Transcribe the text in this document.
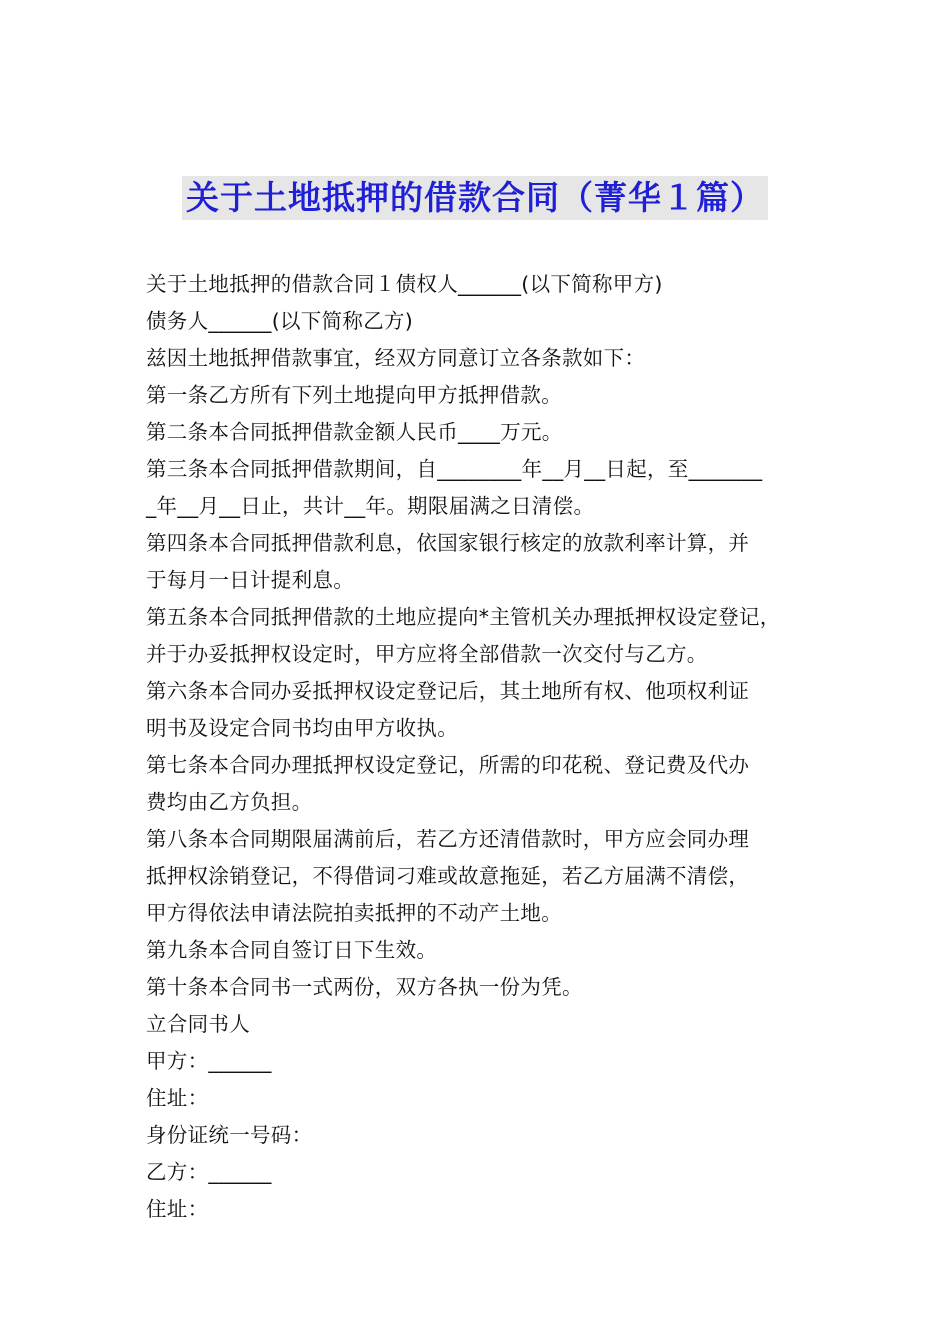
关于土地抵押的借款合同（菁华１篇）
关于土地抵押的借款合同１债权人______(以下简称甲方)
债务人______(以下简称乙方)
兹因土地抵押借款事宜，经双方同意订立各条款如下：
第一条乙方所有下列土地提向甲方抵押借款。
第二条本合同抵押借款金额人民币____万元。
第三条本合同抵押借款期间，自________年__月__日起，至_______
_年__月__日止，共计__年。期限届满之日清偿。
第四条本合同抵押借款利息，依国家银行核定的放款利率计算，并
于每月一日计提利息。
第五条本合同抵押借款的土地应提向*主管机关办理抵押权设定登记，
并于办妥抵押权设定时，甲方应将全部借款一次交付与乙方。
第六条本合同办妥抵押权设定登记后，其土地所有权、他项权利证
明书及设定合同书均由甲方收执。
第七条本合同办理抵押权设定登记，所需的印花税、登记费及代办
费均由乙方负担。
第八条本合同期限届满前后，若乙方还清借款时，甲方应会同办理
抵押权涂销登记，不得借词刁难或故意拖延，若乙方届满不清偿，
甲方得依法申请法院拍卖抵押的不动产土地。
第九条本合同自签订日下生效。
第十条本合同书一式两份，双方各执一份为凭。
立合同书人
甲方：______
住址：
身份证统一号码：
乙方：______
住址：
